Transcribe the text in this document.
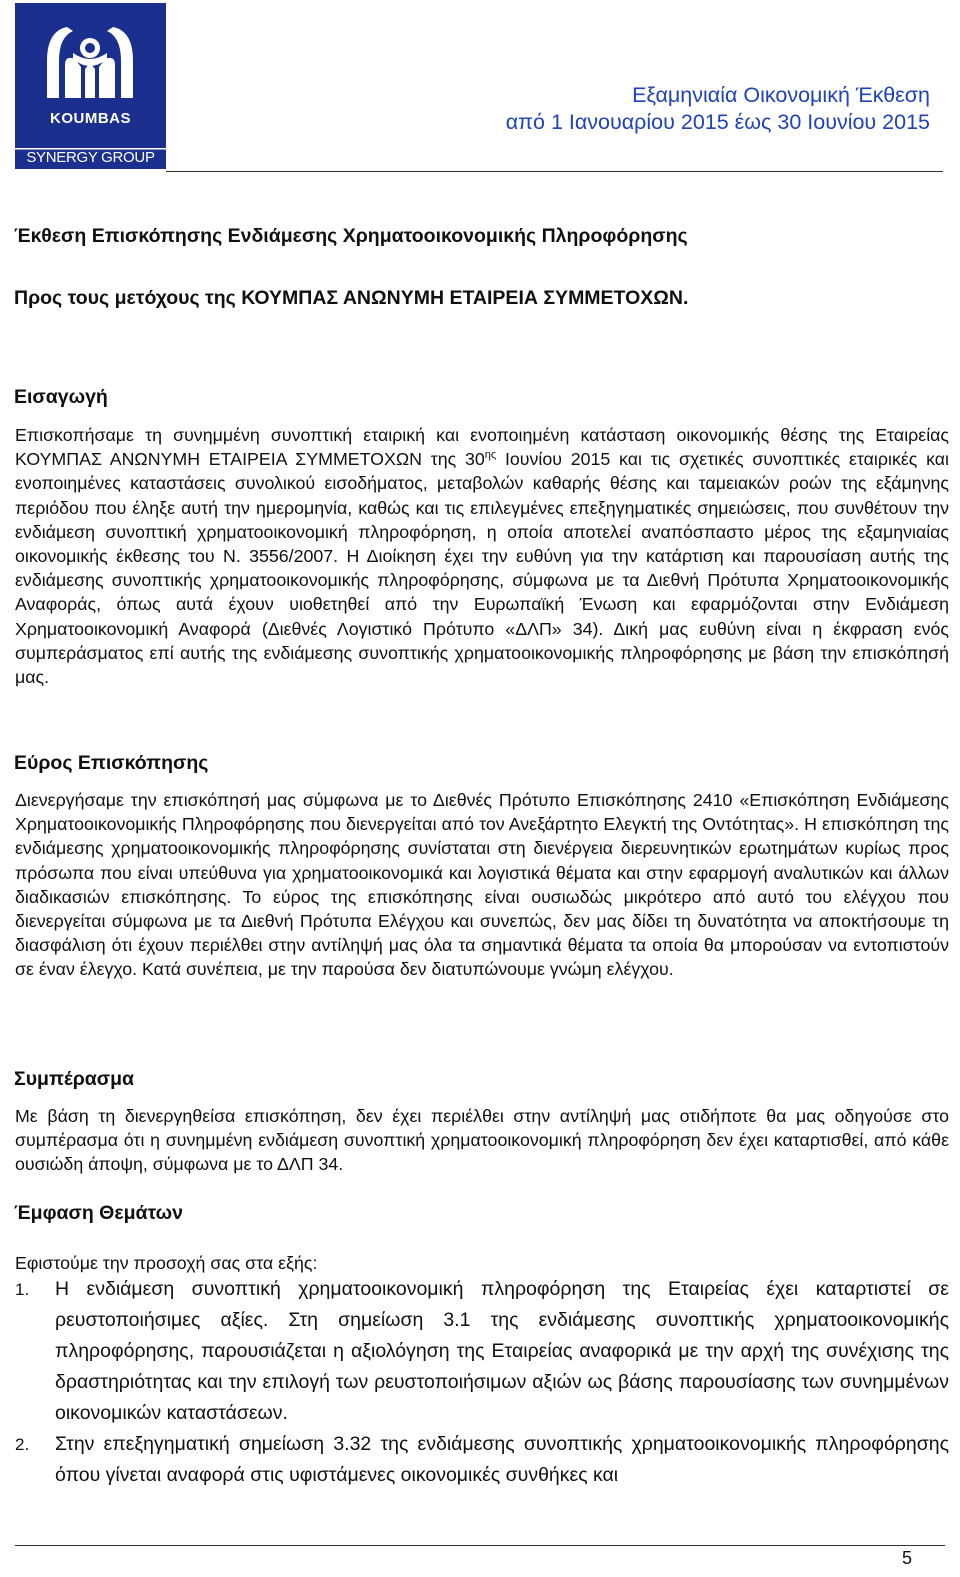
KOUMBAS
SYNERGY GROUP
Εξαμηνιαία Οικονομική Έκθεση
από 1 Ιανουαρίου 2015 έως 30 Ιουνίου 2015
Έκθεση Επισκόπησης Ενδιάμεσης Χρηματοοικονομικής Πληροφόρησης
Προς τους μετόχους της ΚΟΥΜΠΑΣ ΑΝΩΝΥΜΗ ΕΤΑΙΡΕΙΑ ΣΥΜΜΕΤΟΧΩΝ.
Εισαγωγή

Επισκοπήσαμε τη συνημμένη συνοπτική εταιρική και ενοποιημένη κατάσταση οικονομικής θέσης της Εταιρείας ΚΟΥΜΠΑΣ ΑΝΩΝΥΜΗ ΕΤΑΙΡΕΙΑ ΣΥΜΜΕΤΟΧΩΝ της $30^{\eta\varsigma}$ Ιουνίου 2015 και τις σχετικές συνοπτικές εταιρικές και ενοποιημένες καταστάσεις συνολικού εισοδήματος, μεταβολών καθαρής θέσης και ταμειακών ροών της εξάμηνης περιόδου που έληξε αυτή την ημερομηνία, καθώς και τις επιλεγμένες επεξηγηματικές σημειώσεις, που συνθέτουν την ενδιάμεση συνοπτική χρηματοοικονομική πληροφόρηση, η οποία αποτελεί αναπόσπαστο μέρος της εξαμηνιαίας οικονομικής έκθεσης του Ν. 3556/2007. Η Διοίκηση έχει την ευθύνη για την κατάρτιση και παρουσίαση αυτής της ενδιάμεσης συνοπτικής χρηματοοικονομικής πληροφόρησης, σύμφωνα με τα Διεθνή Πρότυπα Χρηματοοικονομικής Αναφοράς, όπως αυτά έχουν υιοθετηθεί από την Ευρωπαϊκή Ένωση και εφαρμόζονται στην Ενδιάμεση Χρηματοοικονομική Αναφορά (Διεθνές Λογιστικό Πρότυπο «ΔΛΠ» 34). Δική μας ευθύνη είναι η έκφραση ενός συμπεράσματος επί αυτής της ενδιάμεσης συνοπτικής χρηματοοικονομικής πληροφόρησης με βάση την επισκόπησή μας.

Εύρος Επισκόπησης

Διενεργήσαμε την επισκόπησή μας σύμφωνα με το Διεθνές Πρότυπο Επισκόπησης 2410 «Επισκόπηση Ενδιάμεσης Χρηματοοικονομικής Πληροφόρησης που διενεργείται από τον Ανεξάρτητο Ελεγκτή της Οντότητας». Η επισκόπηση της ενδιάμεσης χρηματοοικονομικής πληροφόρησης συνίσταται στη διενέργεια διερευνητικών ερωτημάτων κυρίως προς πρόσωπα που είναι υπεύθυνα για χρηματοοικονομικά και λογιστικά θέματα και στην εφαρμογή αναλυτικών και άλλων διαδικασιών επισκόπησης. Το εύρος της επισκόπησης είναι ουσιωδώς μικρότερο από αυτό του ελέγχου που διενεργείται σύμφωνα με τα Διεθνή Πρότυπα Ελέγχου και συνεπώς, δεν μας δίδει τη δυνατότητα να αποκτήσουμε τη διασφάλιση ότι έχουν περιέλθει στην αντίληψή μας όλα τα σημαντικά θέματα τα οποία θα μπορούσαν να εντοπιστούν σε έναν έλεγχο. Κατά συνέπεια, με την παρούσα δεν διατυπώνουμε γνώμη ελέγχου.

Συμπέρασμα

Με βάση τη διενεργηθείσα επισκόπηση, δεν έχει περιέλθει στην αντίληψή μας οτιδήποτε θα μας οδηγούσε στο συμπέρασμα ότι η συνημμένη ενδιάμεση συνοπτική χρηματοοικονομική πληροφόρηση δεν έχει καταρτισθεί, από κάθε ουσιώδη άποψη, σύμφωνα με το ΔΛΠ 34.

Έμφαση Θεμάτων
Εφιστούμε την προσοχή σας στα εξής:
1. Η ενδιάμεση συνοπτική χρηματοοικονομική πληροφόρηση της Εταιρείας έχει καταρτιστεί σε ρευστοποιήσιμες αξίες. Στη σημείωση 3.1 της ενδιάμεσης συνοπτικής χρηματοοικονομικής πληροφόρησης, παρουσιάζεται η αξιολόγηση της Εταιρείας αναφορικά με την αρχή της συνέχισης της δραστηριότητας και την επιλογή των ρευστοποιήσιμων αξιών ως βάσης παρουσίασης των συνημμένων οικονομικών καταστάσεων.
2. Στην επεξηγηματική σημείωση 3.32 της ενδιάμεσης συνοπτικής χρηματοοικονομικής πληροφόρησης όπου γίνεται αναφορά στις υφιστάμενες οικονομικές συνθήκες και
5
